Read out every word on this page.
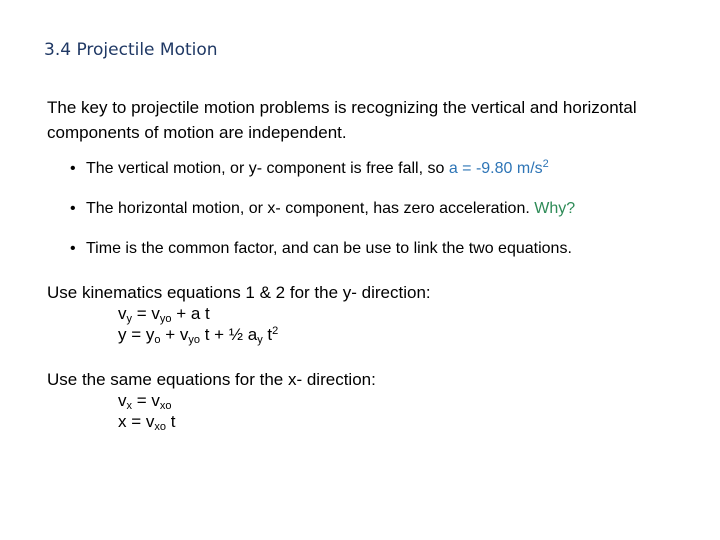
3.4 Projectile Motion

The key to projectile motion problems is recognizing the vertical and horizontal components of motion are independent.

• The vertical motion, or y- component is free fall, so a = -9.80 $m/s^2$
• The horizontal motion, or x- component, has zero acceleration. Why?
• Time is the common factor, and can be use to link the two equations.
Use kinematics equations 1 & 2 for the y- direction:
$v_y = v_{yo} + a$ t
$y = y_o + v_{yo}$ t + ½ $a_y$ $t^2$
Use the same equations for the x- direction:
$v_x = v_{xo}$
$x = v_{xo}$ t
